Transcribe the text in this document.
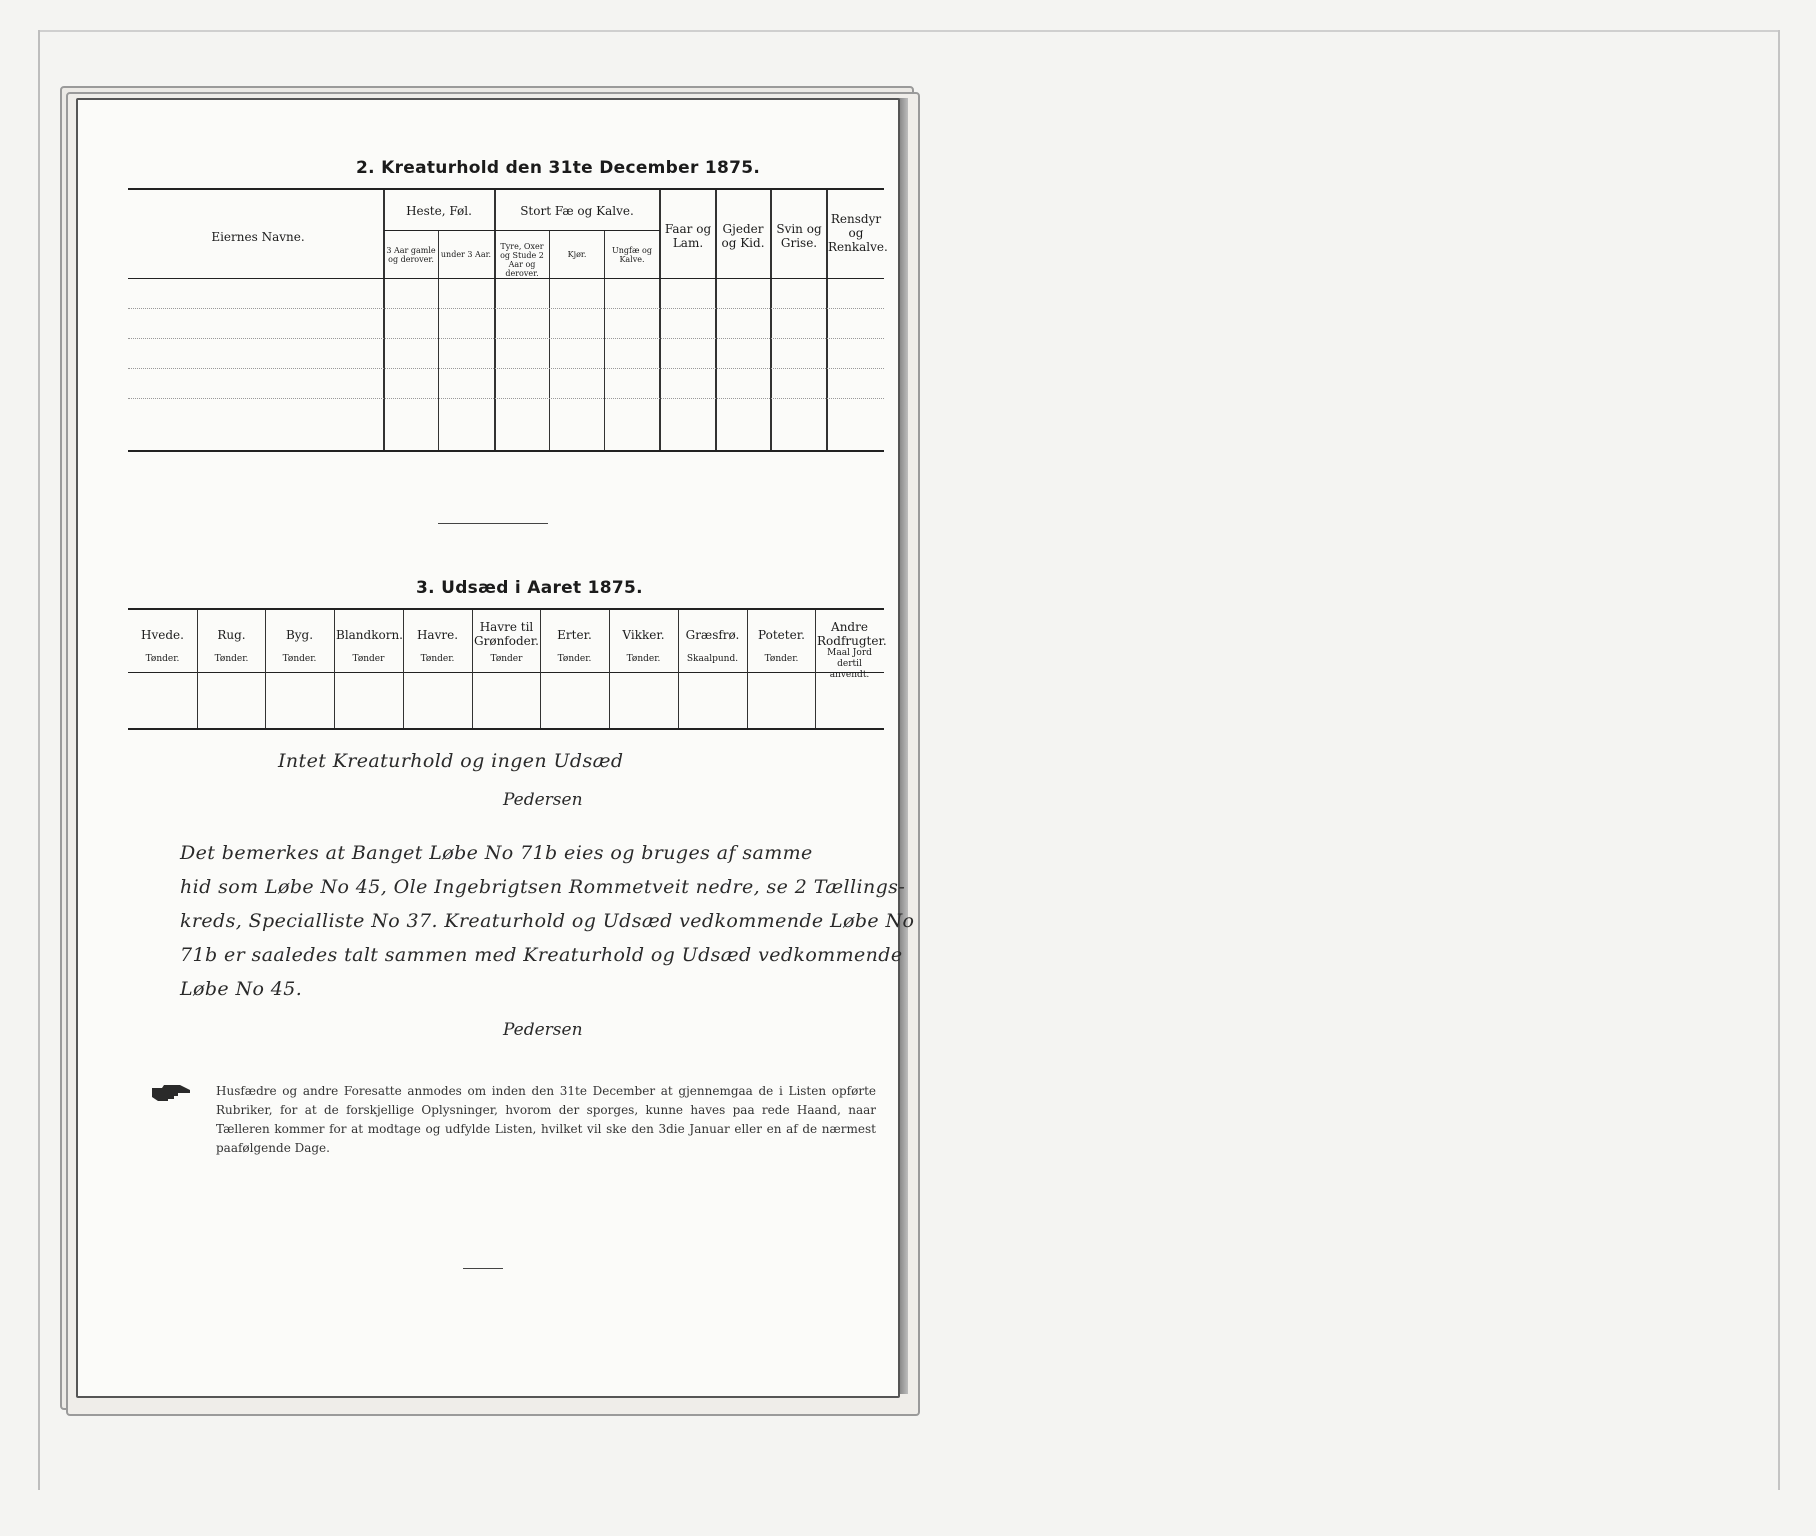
2. Kreaturhold den 31te December 1875.
Eiernes Navne.
Heste, Føl.
3 Aar gamle og derover.
under 3 Aar.
Stort Fæ og Kalve.
Tyre, Oxer og Stude 2 Aar og derover.
Kjør.	Ungfæ og Kalve.
Faar og Lam.
Gjeder og Kid.
Svin og Grise.
Rensdyr og Renkalve.
3. Udsæd i Aaret 1875.
Intet Kreaturhold og ingen Udsæd
Pedersen
Det bemerkes at Banget Løbe No 71b eies og bruges af samme
hid som Løbe No 45, Ole Ingebrigtsen Rommetveit nedre, se 2 Tællings-
kreds, Specialliste No 37. Kreaturhold og Udsæd vedkommende Løbe No
71b er saaledes talt sammen med Kreaturhold og Udsæd vedkommende
Løbe No 45.
Pedersen
Hvede.
Tønder.
Rug.
Tønder.
Byg.
Tønder.
Blandkorn.
Tønder
Havre.
Tønder.
Havre til Grønfoder.
Tønder
Erter.
Tønder.
Vikker.
Tønder.
Græsfrø.
Skaalpund.
Poteter.
Tønder.
Andre Rodfrugter.
Maal Jord dertil anvendt.
Husfædre og andre Foresatte anmodes om inden den 31te December at gjennemgaa de i Listen opførte Rubriker, for at de forskjellige Oplysninger, hvorom der sporges, kunne haves paa rede Haand, naar Tælleren kommer for at modtage og udfylde Listen, hvilket vil ske den 3die Januar eller en af de nærmest paafølgende Dage.
